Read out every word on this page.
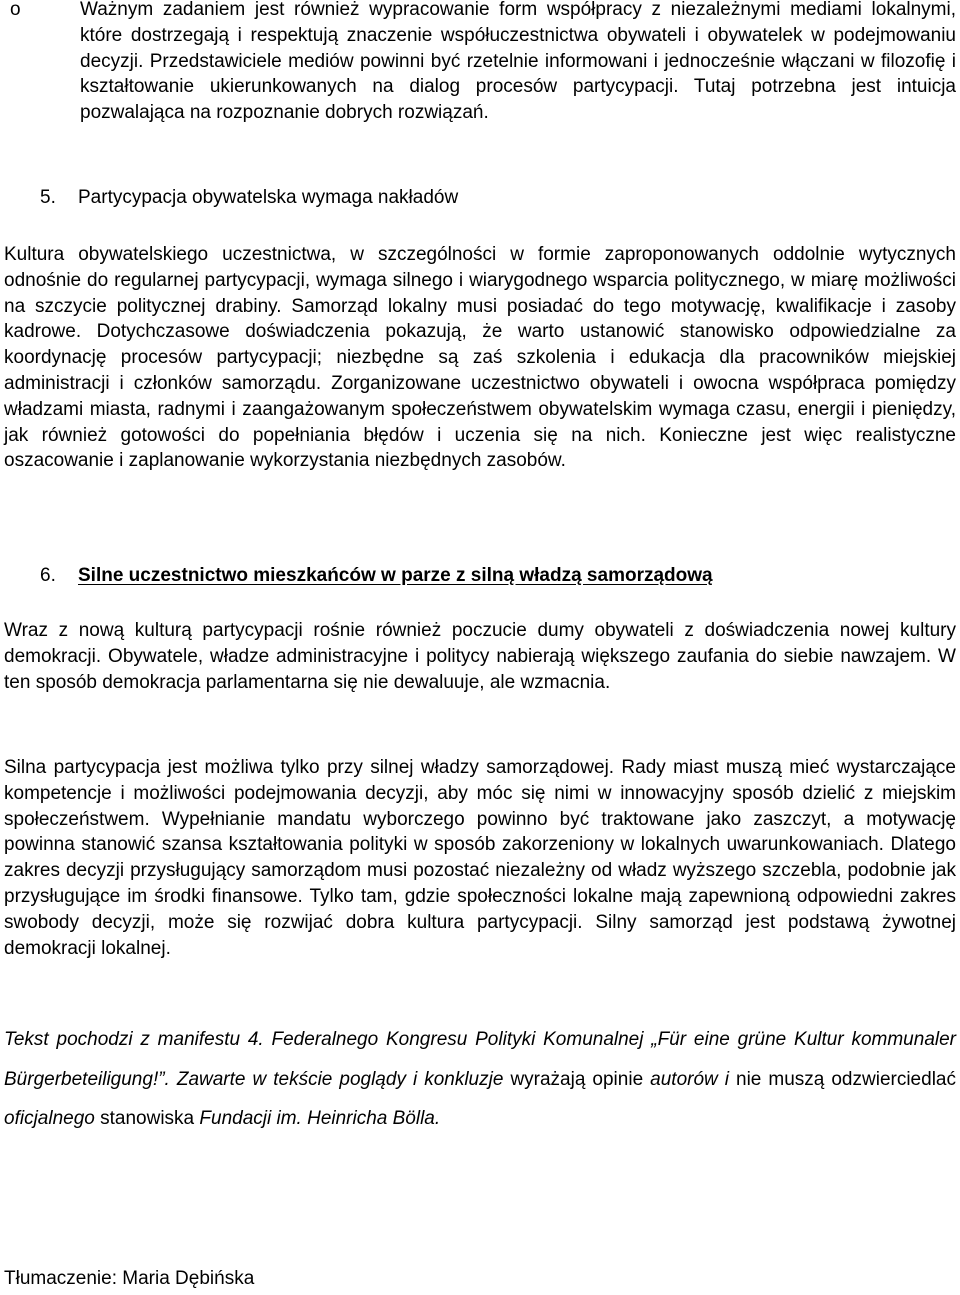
o	Ważnym zadaniem jest również wypracowanie form współpracy z niezależnymi mediami lokalnymi, które dostrzegają i respektują znaczenie współuczestnictwa obywateli i obywatelek w podejmowaniu decyzji. Przedstawiciele mediów powinni być rzetelnie informowani i jednocześnie włączani w filozofię i kształtowanie ukierunkowanych na dialog procesów partycypacji. Tutaj potrzebna jest intuicja pozwalająca na rozpoznanie dobrych rozwiązań.

5. Partycypacja obywatelska wymaga nakładów

Kultura obywatelskiego uczestnictwa, w szczególności w formie zaproponowanych oddolnie wytycznych odnośnie do regularnej partycypacji, wymaga silnego i wiarygodnego wsparcia politycznego, w miarę możliwości na szczycie politycznej drabiny. Samorząd lokalny musi posiadać do tego motywację, kwalifikacje i zasoby kadrowe. Dotychczasowe doświadczenia pokazują, że warto ustanowić stanowisko odpowiedzialne za koordynację procesów partycypacji; niezbędne są zaś szkolenia i edukacja dla pracowników miejskiej administracji i członków samorządu. Zorganizowane uczestnictwo obywateli i owocna współpraca pomiędzy władzami miasta, radnymi i zaangażowanym społeczeństwem obywatelskim wymaga czasu, energii i pieniędzy, jak również gotowości do popełniania błędów i uczenia się na nich. Konieczne jest więc realistyczne oszacowanie i zaplanowanie wykorzystania niezbędnych zasobów.

6. Silne uczestnictwo mieszkańców w parze z silną władzą samorządową

Wraz z nową kulturą partycypacji rośnie również poczucie dumy obywateli z doświadczenia nowej kultury demokracji. Obywatele, władze administracyjne i politycy nabierają większego zaufania do siebie nawzajem. W ten sposób demokracja parlamentarna się nie dewaluuje, ale wzmacnia.

Silna partycypacja jest możliwa tylko przy silnej władzy samorządowej. Rady miast muszą mieć wystarczające kompetencje i możliwości podejmowania decyzji, aby móc się nimi w innowacyjny sposób dzielić z miejskim społeczeństwem. Wypełnianie mandatu wyborczego powinno być traktowane jako zaszczyt, a motywację powinna stanowić szansa kształtowania polityki w sposób zakorzeniony w lokalnych uwarunkowaniach. Dlatego zakres decyzji przysługujący samorządom musi pozostać niezależny od władz wyższego szczebla, podobnie jak przysługujące im środki finansowe. Tylko tam, gdzie społeczności lokalne mają zapewnioną odpowiedni zakres swobody decyzji, może się rozwijać dobra kultura partycypacji. Silny samorząd jest podstawą żywotnej demokracji lokalnej.

Tekst pochodzi z manifestu 4. Federalnego Kongresu Polityki Komunalnej „Für eine grüne Kultur kommunaler Bürgerbeteiligung!”. Zawarte w tekście poglądy i konkluzje wyrażają opinie autorów i nie muszą odzwierciedlać oficjalnego stanowiska Fundacji im. Heinricha Bölla.

Tłumaczenie: Maria Dębińska
